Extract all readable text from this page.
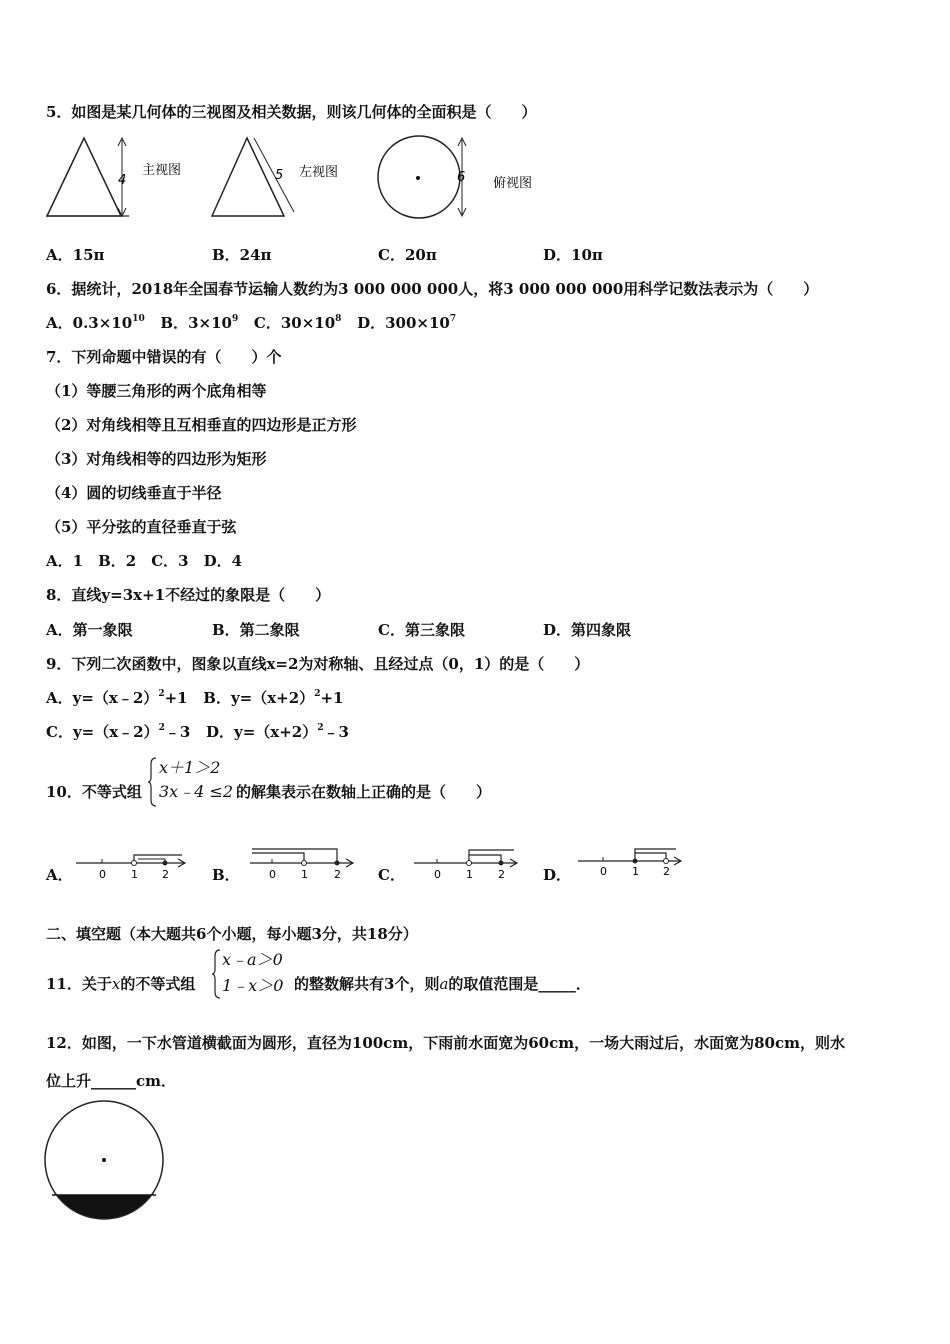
5．如图是某几何体的三视图及相关数据，则该几何体的全面积是（　　）
4
主视图	5 左视图	6 俯视图
A．15π	B．24π	C．20π	D．10π
6．据统计，2018年全国春节运输人数约为3 000 000 000人，将3 000 000 000用科学记数法表示为（　　）
A．$0.3\times 10^{10}$ B．$3\times 10^9$ C．$30\times 10^8$ D．$300\times 10^7$
7．下列命题中错误的有（　　）个
（1）等腰三角形的两个底角相等
（2）对角线相等且互相垂直的四边形是正方形
（3）对角线相等的四边形为矩形
（4）圆的切线垂直于半径
（5）平分弦的直径垂直于弦
A．1　B．2　C．3　D．4
8．直线y=3x+1不经过的象限是（　　）
A．第一象限	B．第二象限	C．第三象限	D．第四象限
9．下列二次函数中，图象以直线x=2为对称轴、且经过点（0，1）的是（　　）
A．y=（x﹣2）$^2$+1 B．$y=(x+2)^2+1$
C．y=（x﹣2）$^2$﹣3 D．$y=(x+2)^2﹣3$
10．不等式组
x＋1＞2
3x﹣4 ≤2 的解集表示在数轴上正确的是（　　）
A． 0 1 2	B．	0 1 2 C．	0 1 2	D．	0 1 2
二、填空题（本大题共6个小题，每小题3分，共18分）
11．关于x的不等式组
x﹣a＞0
1﹣x＞0 的整数解共有3个，则a的取值范围是_____．
12．如图，一下水管道横截面为圆形，直径为100cm，下雨前水面宽为60cm，一场大雨过后，水面宽为80cm，则水
位上升______cm．
